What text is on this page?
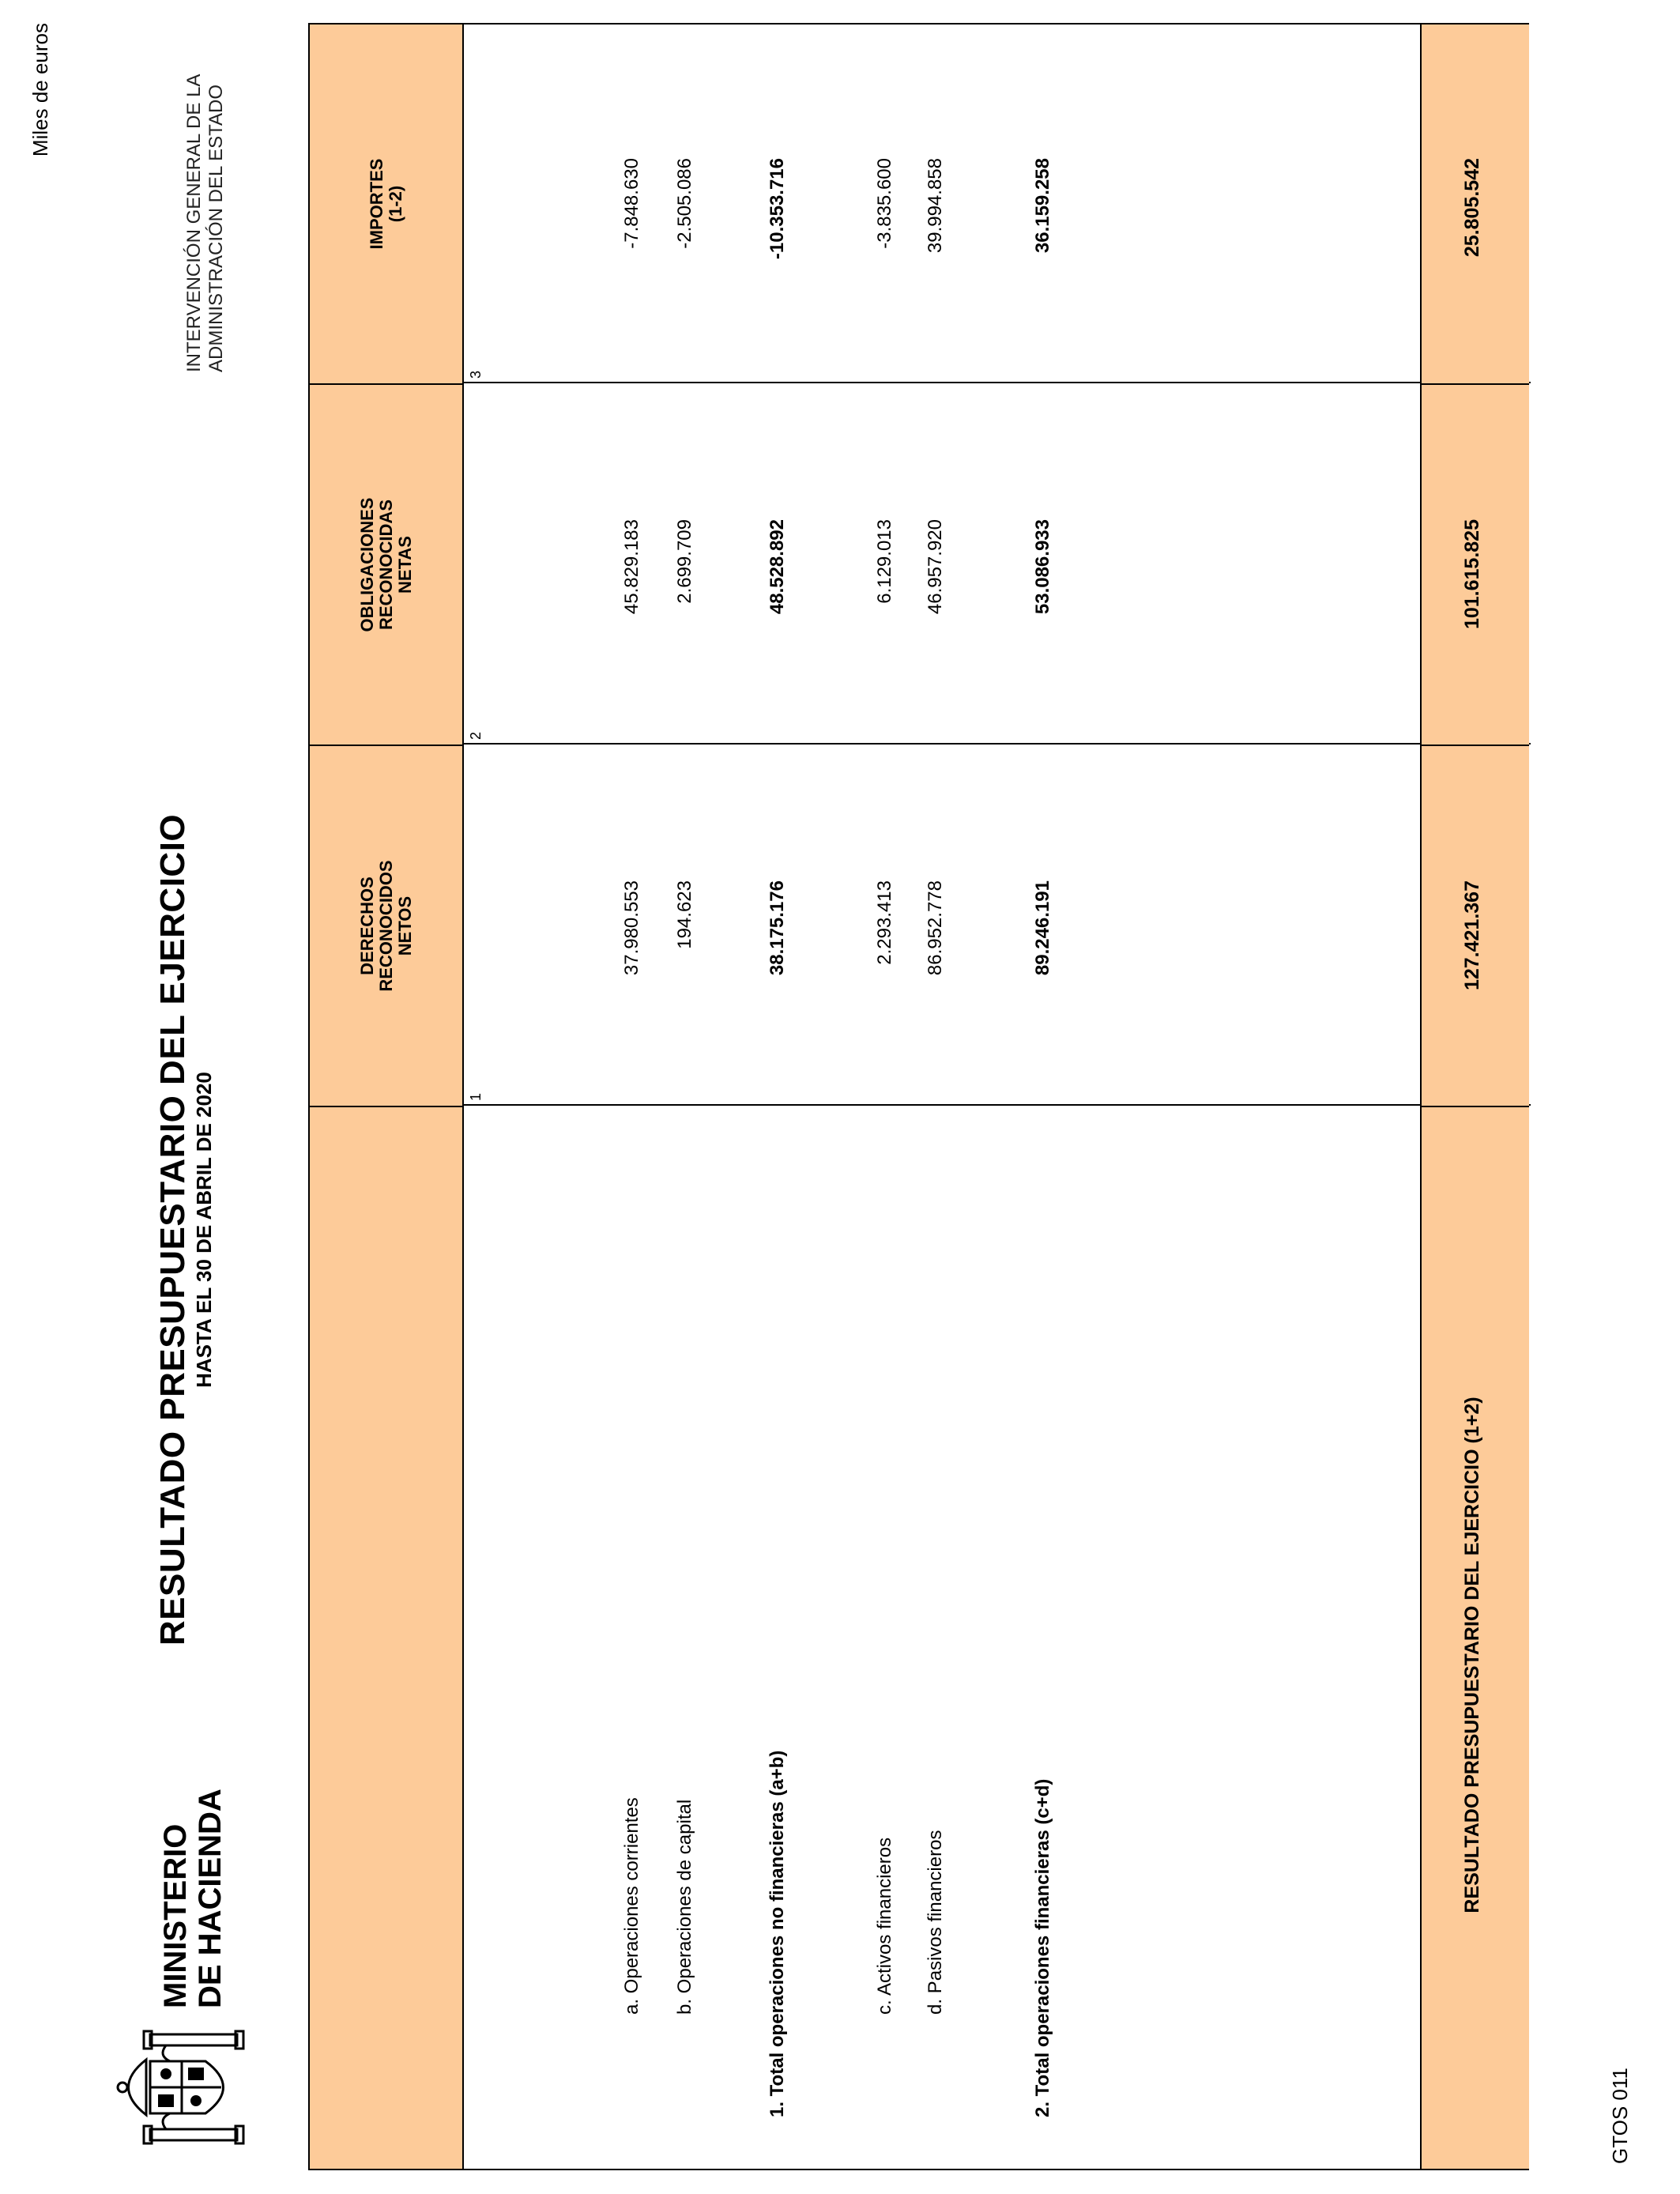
MINISTERIO DE HACIENDA
RESULTADO PRESUPUESTARIO DEL EJERCICIO HASTA EL 30 DE ABRIL DE 2020
INTERVENCIÓN GENERAL DE LA ADMINISTRACIÓN DEL ESTADO
Miles de euros
DERECHOS RECONOCIDOS NETOS
OBLIGACIONES RECONOCIDAS NETAS
IMPORTES (1-2)
1
2
3
a. Operaciones corrientes
37.980.553
45.829.183
-7.848.630
b. Operaciones de capital
194.623
2.699.709
-2.505.086
1. Total operaciones no financieras (a+b)
38.175.176
48.528.892
-10.353.716
c. Activos financieros
2.293.413
6.129.013
-3.835.600
d. Pasivos financieros
86.952.778
46.957.920
39.994.858
2. Total operaciones financieras (c+d)
89.246.191
53.086.933
36.159.258
RESULTADO PRESUPUESTARIO DEL EJERCICIO (1+2)
127.421.367
101.615.825
25.805.542
GTOS 011
